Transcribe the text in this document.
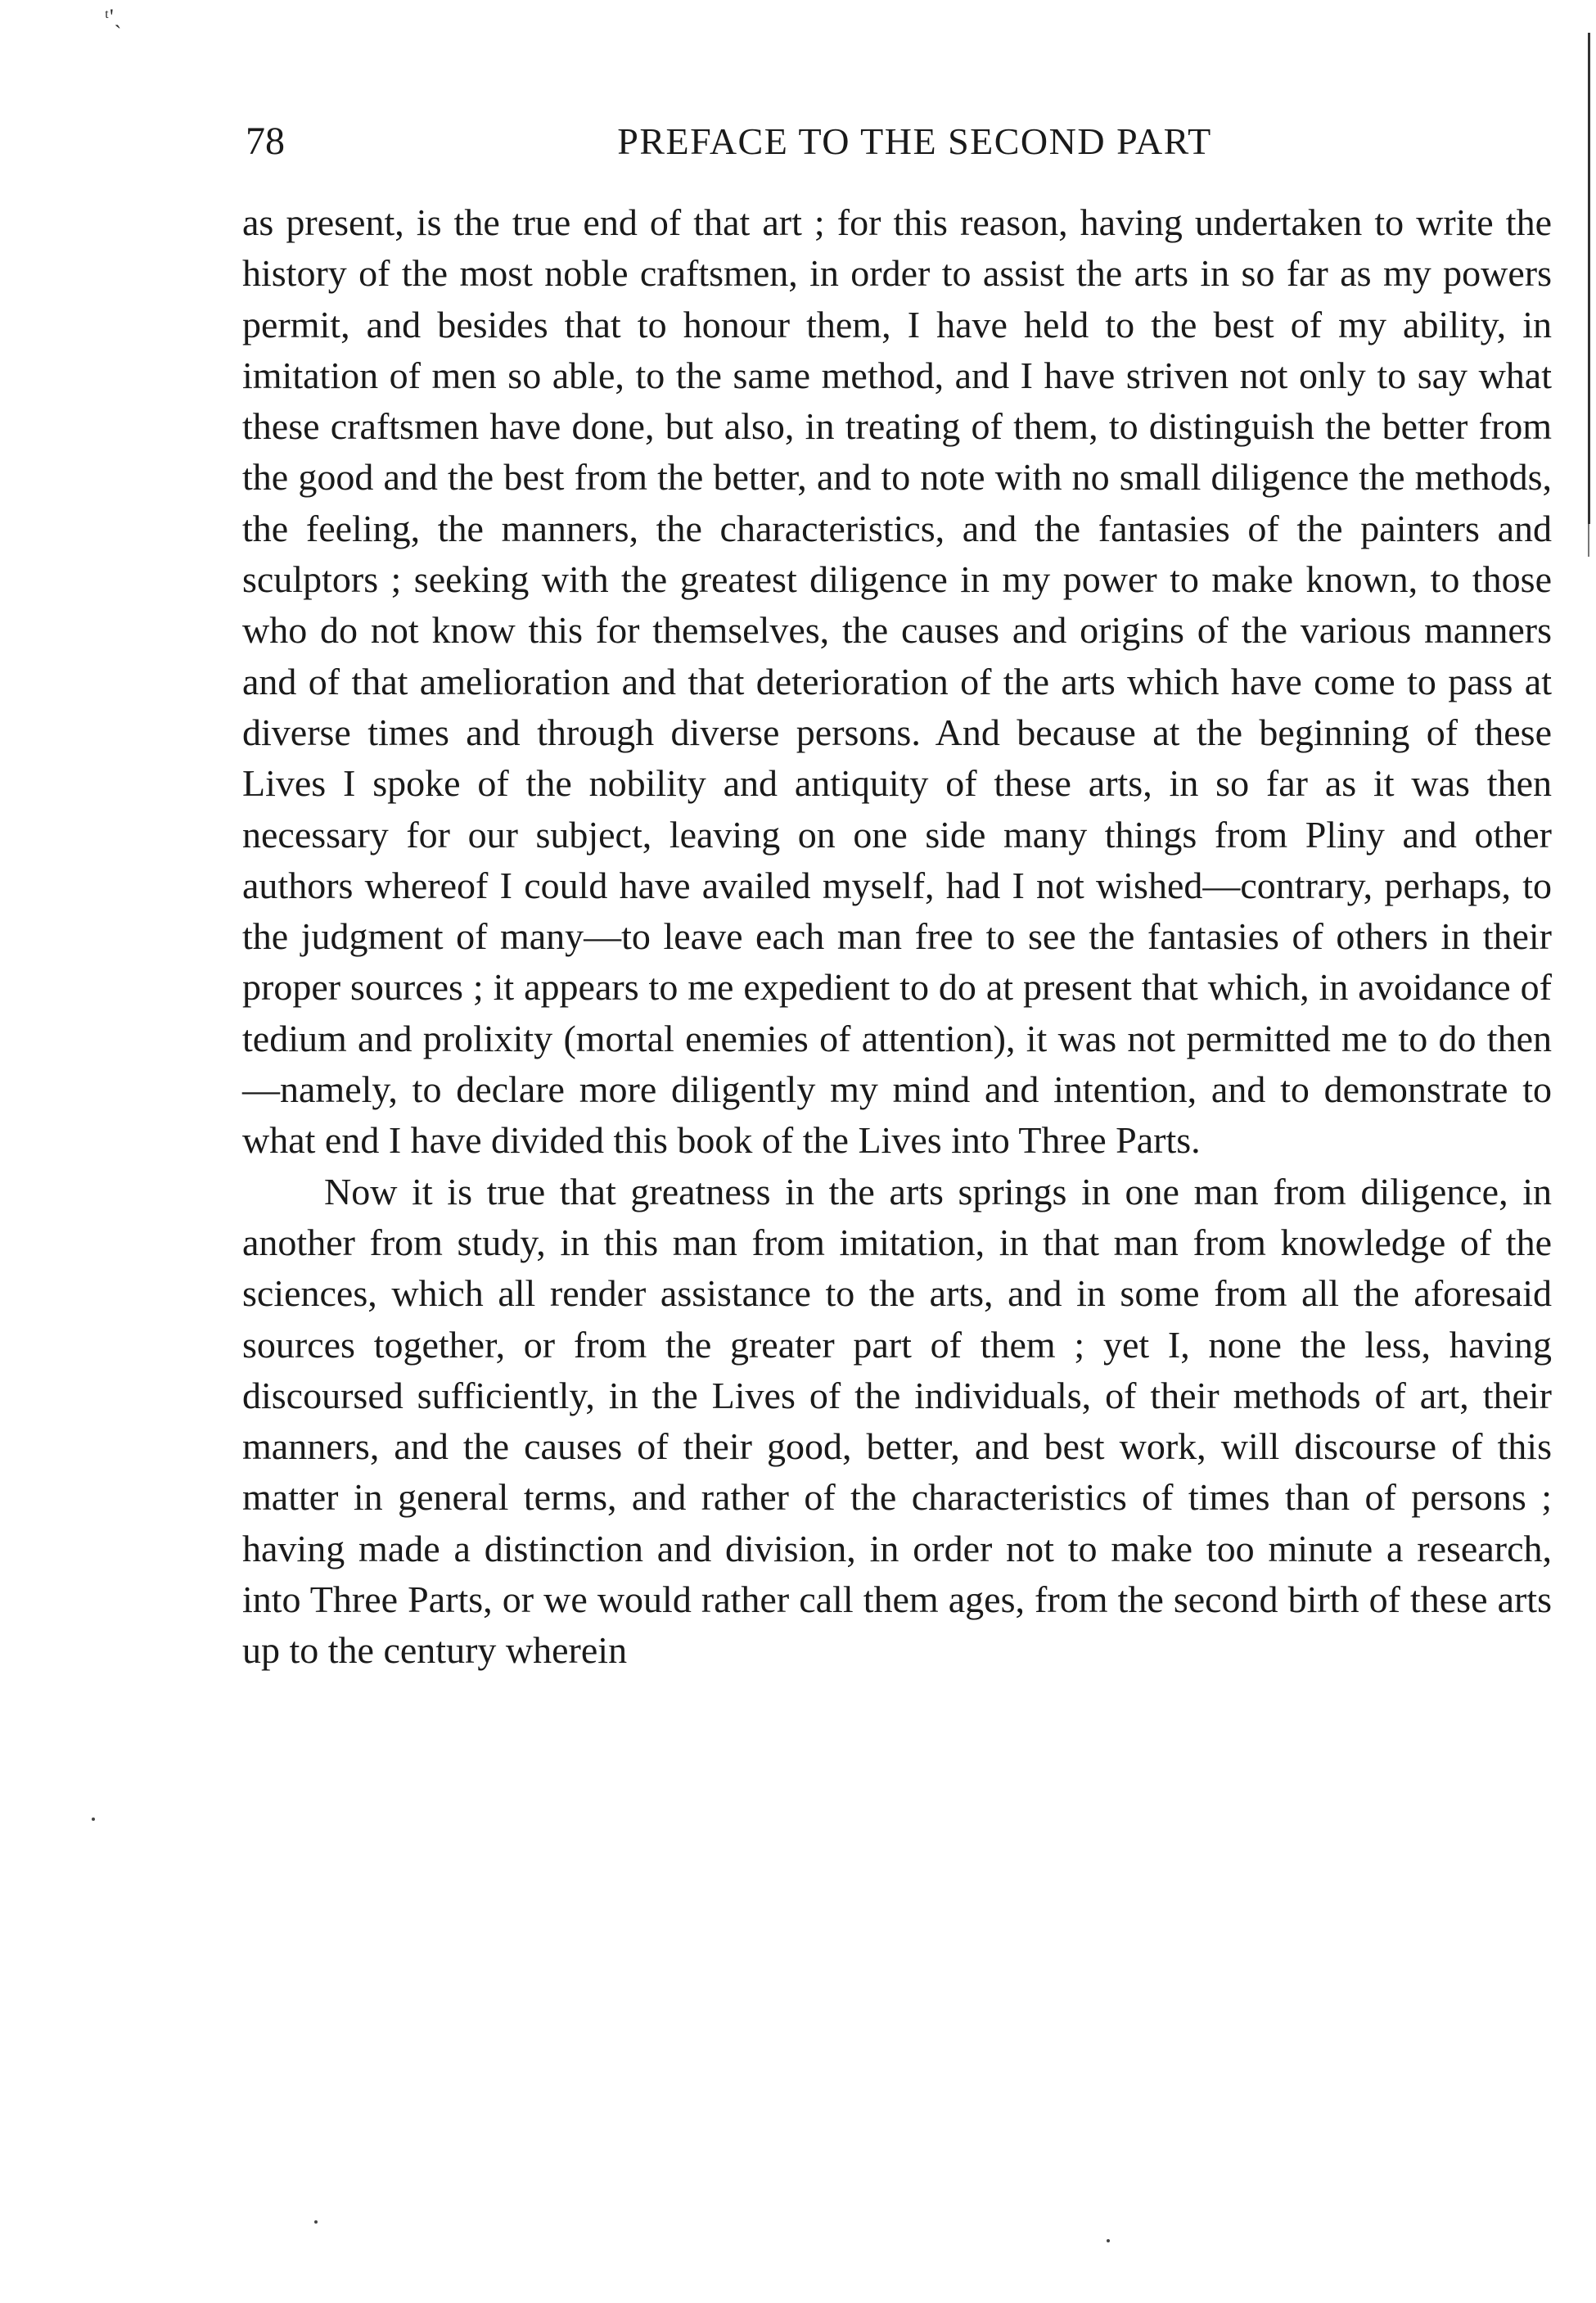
ᵗ'ˎ
78	PREFACE TO THE SECOND PART

as present, is the true end of that art ; for this reason, having undertaken to write the history of the most noble craftsmen, in order to assist the arts in so far as my powers permit, and besides that to honour them, I have held to the best of my ability, in imitation of men so able, to the same method, and I have striven not only to say what these craftsmen have done, but also, in treating of them, to distinguish the better from the good and the best from the better, and to note with no small diligence the methods, the feeling, the manners, the characteristics, and the fantasies of the painters and sculptors ; seeking with the greatest diligence in my power to make known, to those who do not know this for themselves, the causes and origins of the various manners and of that amelioration and that deterioration of the arts which have come to pass at diverse times and through diverse persons. And because at the beginning of these Lives I spoke of the nobility and antiquity of these arts, in so far as it was then necessary for our subject, leaving on one side many things from Pliny and other authors whereof I could have availed myself, had I not wished—contrary, perhaps, to the judgment of many—to leave each man free to see the fantasies of others in their proper sources ; it appears to me expedient to do at present that which, in avoidance of tedium and prolixity (mortal enemies of attention), it was not permitted me to do then—namely, to declare more diligently my mind and intention, and to demonstrate to what end I have divided this book of the Lives into Three Parts.

Now it is true that greatness in the arts springs in one man from diligence, in another from study, in this man from imitation, in that man from knowledge of the sciences, which all render assistance to the arts, and in some from all the aforesaid sources together, or from the greater part of them ; yet I, none the less, having discoursed sufficiently, in the Lives of the individuals, of their methods of art, their manners, and the causes of their good, better, and best work, will discourse of this matter in general terms, and rather of the characteristics of times than of persons ; having made a distinction and division, in order not to make too minute a research, into Three Parts, or we would rather call them ages, from the second birth of these arts up to the century wherein
